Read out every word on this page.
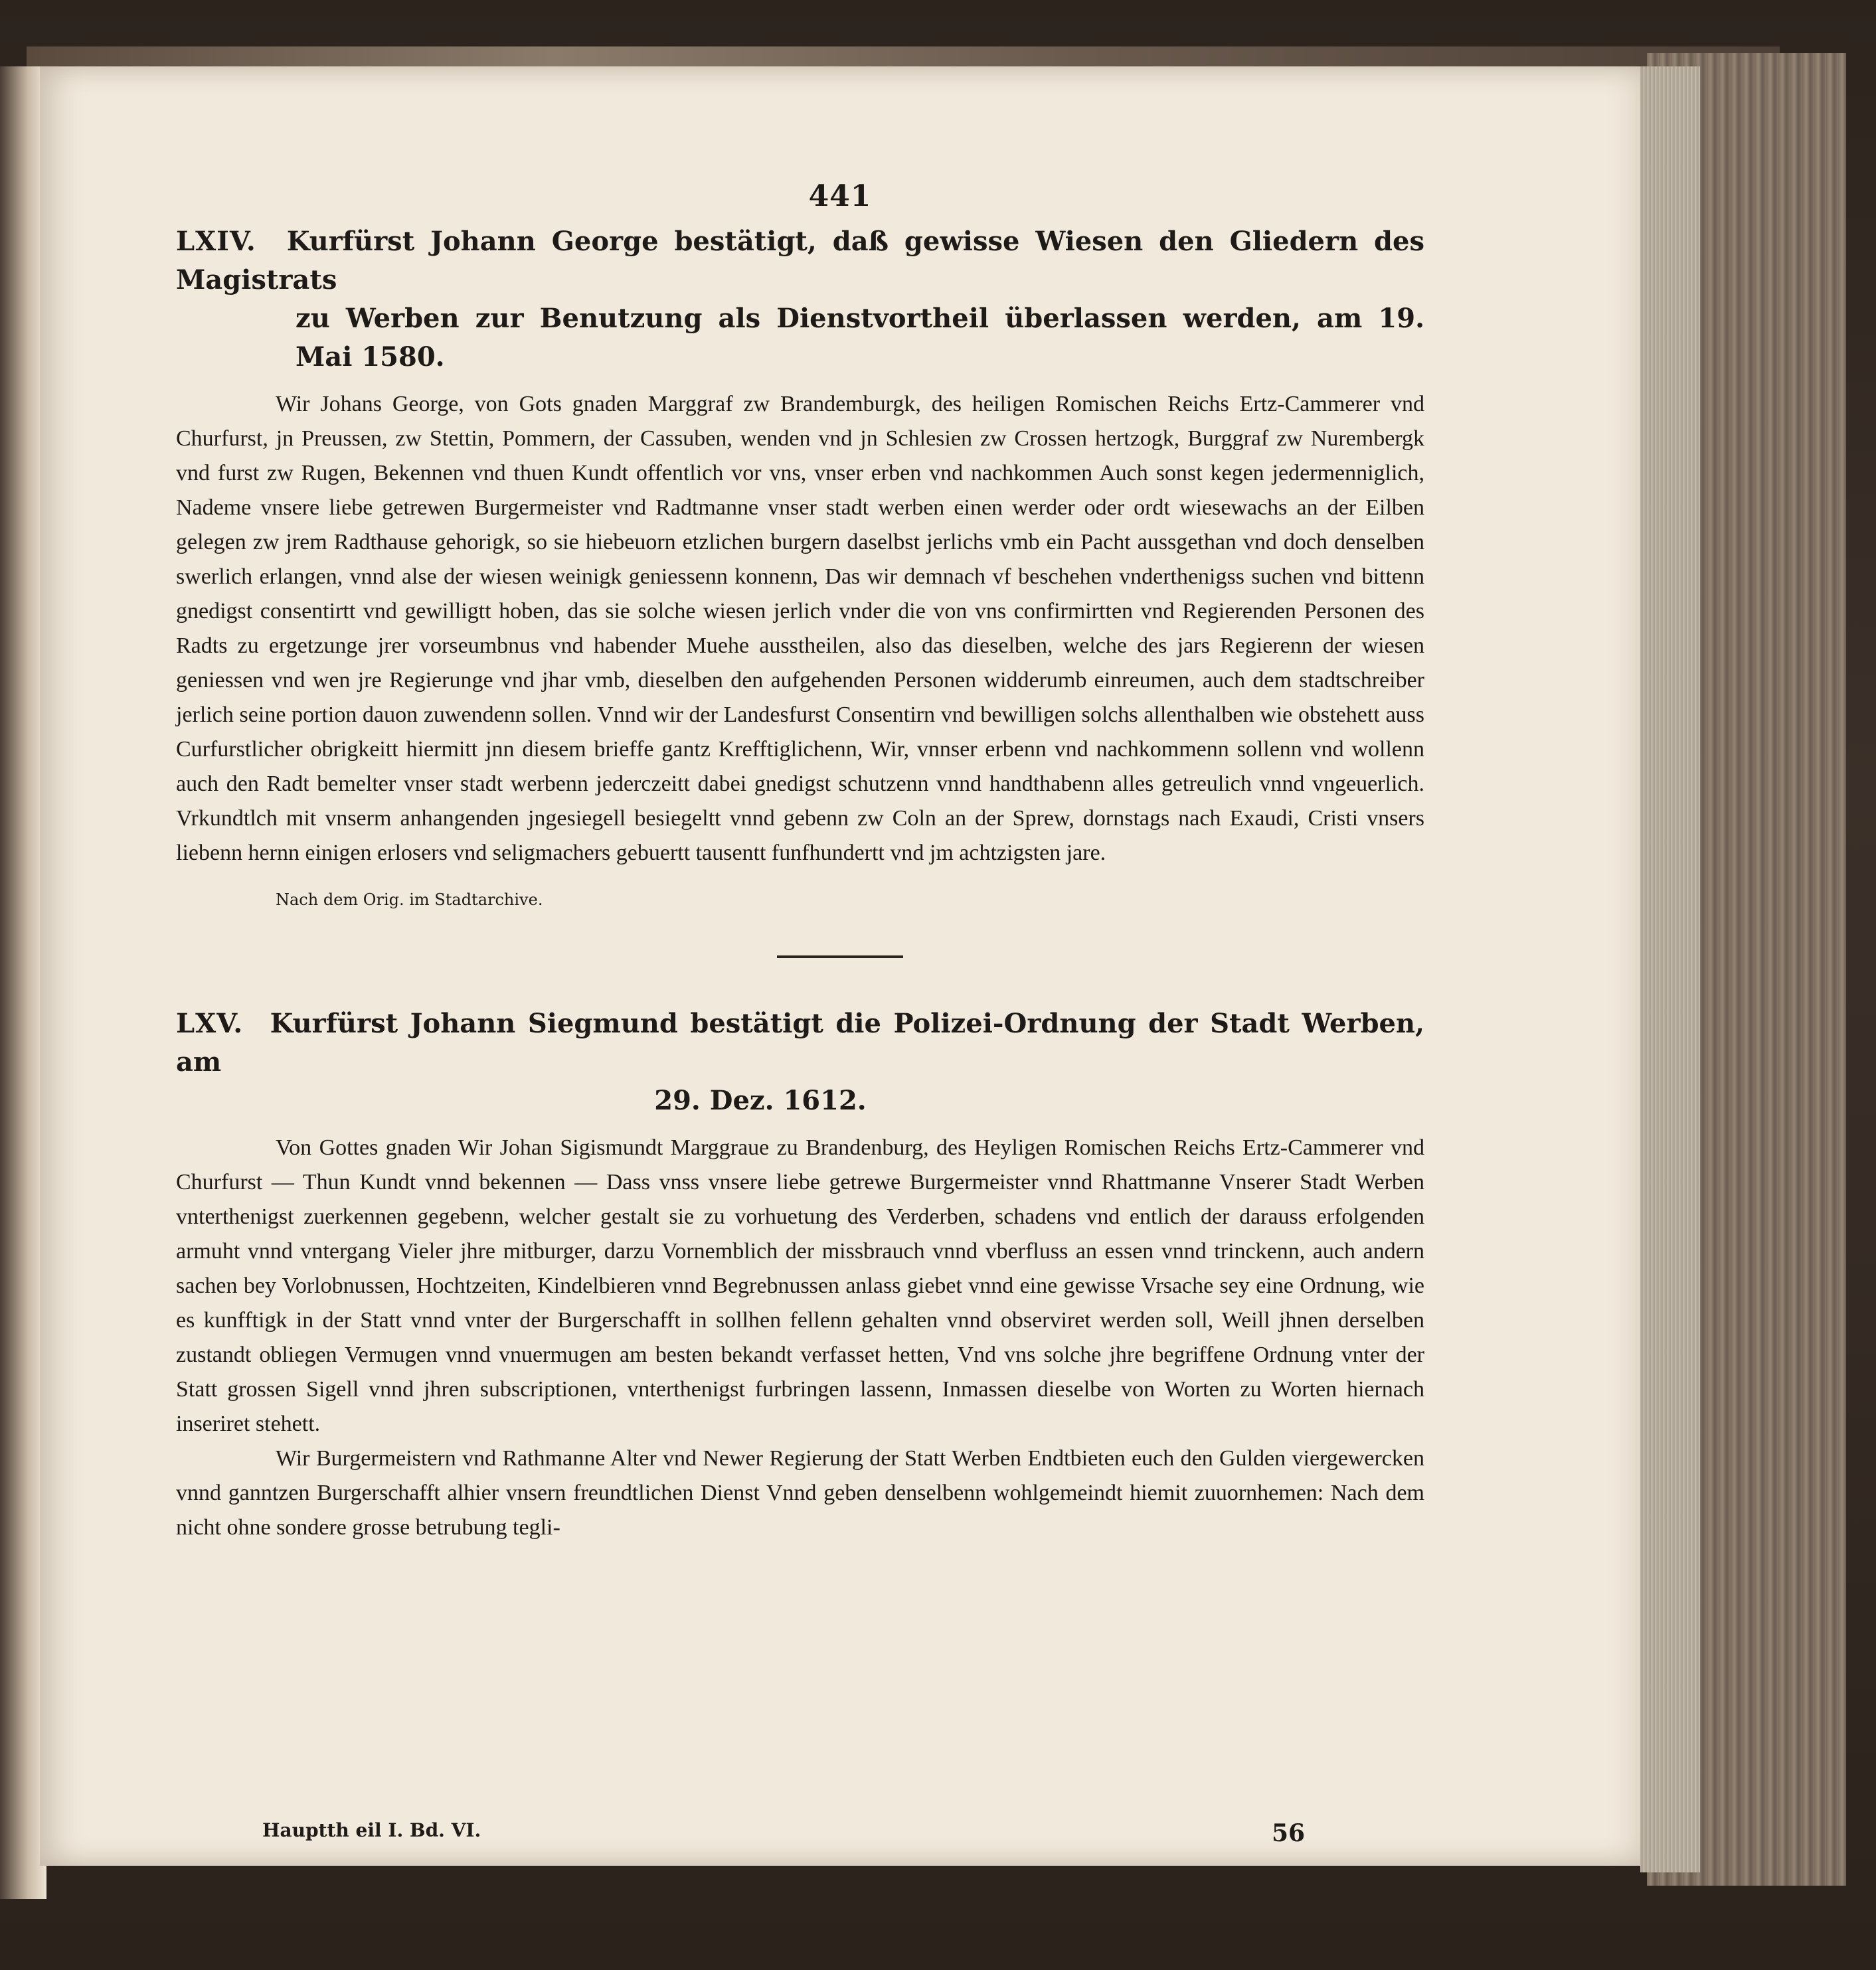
441
LXIV. Kurfürst Johann George bestätigt, daß gewisse Wiesen den Gliedern des Magistrats
zu Werben zur Benutzung als Dienstvortheil überlassen werden, am 19. Mai 1580.

Wir Johans George, von Gots gnaden Marggraf zw Brandemburgk, des heiligen Romischen Reichs Ertz-Cammerer vnd Churfurst, jn Preussen, zw Stettin, Pommern, der Cassuben, wenden vnd jn Schlesien zw Crossen hertzogk, Burggraf zw Nurembergk vnd furst zw Rugen, Bekennen vnd thuen Kundt offentlich vor vns, vnser erben vnd nachkommen Auch sonst kegen jedermenniglich, Nademe vnsere liebe getrewen Burgermeister vnd Radtmanne vnser stadt werben einen werder oder ordt wiesewachs an der Eilben gelegen zw jrem Radthause gehorigk, so sie hiebeuorn etzlichen burgern daselbst jerlichs vmb ein Pacht aussgethan vnd doch denselben swerlich erlangen, vnnd alse der wiesen weinigk geniessenn konnenn, Das wir demnach vf beschehen vnderthenigss suchen vnd bittenn gnedigst consentirtt vnd gewilligtt hoben, das sie solche wiesen jerlich vnder die von vns confirmirtten vnd Regierenden Personen des Radts zu ergetzunge jrer vorseumbnus vnd habender Muehe ausstheilen, also das dieselben, welche des jars Regierenn der wiesen geniessen vnd wen jre Regierunge vnd jhar vmb, dieselben den aufgehenden Personen widderumb einreumen, auch dem stadtschreiber jerlich seine portion dauon zuwendenn sollen. Vnnd wir der Landesfurst Consentirn vnd bewilligen solchs allenthalben wie obstehett auss Curfurstlicher obrigkeitt hiermitt jnn diesem brieffe gantz Krefftiglichenn, Wir, vnnser erbenn vnd nachkommenn sollenn vnd wollenn auch den Radt bemelter vnser stadt werbenn jederczeitt dabei gnedigst schutzenn vnnd handthabenn alles getreulich vnnd vngeuerlich. Vrkundtlch mit vnserm anhangenden jngesiegell besiegeltt vnnd gebenn zw Coln an der Sprew, dornstags nach Exaudi, Cristi vnsers liebenn hernn einigen erlosers vnd seligmachers gebuertt tausentt funfhundertt vnd jm achtzigsten jare.

Nach dem Orig. im Stadtarchive.
LXV. Kurfürst Johann Siegmund bestätigt die Polizei-Ordnung der Stadt Werben, am
29. Dez. 1612.

Von Gottes gnaden Wir Johan Sigismundt Marggraue zu Brandenburg, des Heyligen Romischen Reichs Ertz-Cammerer vnd Churfurst — Thun Kundt vnnd bekennen — Dass vnss vnsere liebe getrewe Burgermeister vnnd Rhattmanne Vnserer Stadt Werben vnterthenigst zuerkennen gegebenn, welcher gestalt sie zu vorhuetung des Verderben, schadens vnd entlich der darauss erfolgenden armuht vnnd vntergang Vieler jhre mitburger, darzu Vornemblich der missbrauch vnnd vberfluss an essen vnnd trinckenn, auch andern sachen bey Vorlobnussen, Hochtzeiten, Kindelbieren vnnd Begrebnussen anlass giebet vnnd eine gewisse Vrsache sey eine Ordnung, wie es kunfftigk in der Statt vnnd vnter der Burgerschafft in sollhen fellenn gehalten vnnd observiret werden soll, Weill jhnen derselben zustandt obliegen Vermugen vnnd vnuermugen am besten bekandt verfasset hetten, Vnd vns solche jhre begriffene Ordnung vnter der Statt grossen Sigell vnnd jhren subscriptionen, vnterthenigst furbringen lassenn, Inmassen dieselbe von Worten zu Worten hiernach inseriret stehett.

Wir Burgermeistern vnd Rathmanne Alter vnd Newer Regierung der Statt Werben Endtbieten euch den Gulden viergewercken vnnd ganntzen Burgerschafft alhier vnsern freundtlichen Dienst Vnnd geben denselbenn wohlgemeindt hiemit zuuornhemen: Nach dem nicht ohne sondere grosse betrubung tegli-

Hauptth eil I. Bd. VI.	56
